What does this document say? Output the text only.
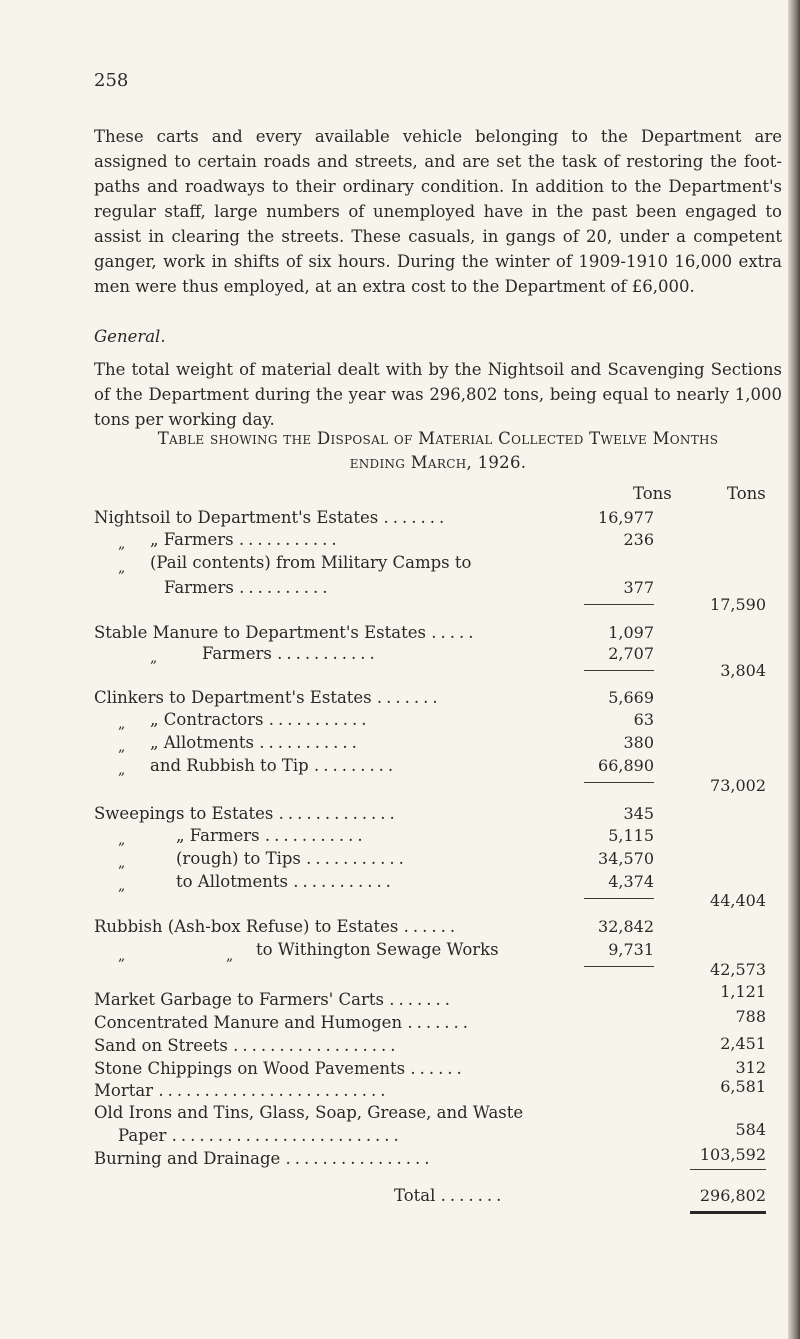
258

These carts and every available vehicle belonging to the Department are assigned to certain roads and streets, and are set the task of restoring the foot-paths and roadways to their ordinary condition. In addition to the Department's regular staff, large numbers of unemployed have in the past been engaged to assist in clearing the streets. These casuals, in gangs of 20, under a competent ganger, work in shifts of six hours. During the winter of 1909-1910 16,000 extra men were thus employed, at an extra cost to the Department of £6,000.

General.

The total weight of material dealt with by the Nightsoil and Scavenging Sections of the Department during the year was 296,802 tons, being equal to nearly 1,000 tons per working day.

Table showing the Disposal of Material Collected Twelve Months
ending March, 1926.
Tons	Tons
Nightsoil to Department's Estates .......	16,977
„ „ Farmers ...........	236
„ (Pail contents) from Military Camps to
Farmers ..........	377
17,590
Stable Manure to Department's Estates .....	1,097
„	Farmers ...........	2,707
3,804
Clinkers to Department's Estates .......	5,669
„ „ Contractors ...........	63
„ „ Allotments ...........	380
„ and Rubbish to Tip .........	66,890
73,002
Sweepings to Estates .............	345
„	„ Farmers ...........	5,115
„	(rough) to Tips ...........	34,570
„	to Allotments ...........	4,374
44,404
Rubbish (Ash-box Refuse) to Estates ......	32,842
„	„ to Withington Sewage Works	9,731
42,573
Market Garbage to Farmers' Carts .......	1,121
Concentrated Manure and Humogen .......	788
Sand on Streets ..................	2,451
Stone Chippings on Wood Pavements ......	312
Mortar .........................	6,581
Old Irons and Tins, Glass, Soap, Grease, and Waste
Paper .........................	584
Burning and Drainage ................	103,592
Total .......	296,802
